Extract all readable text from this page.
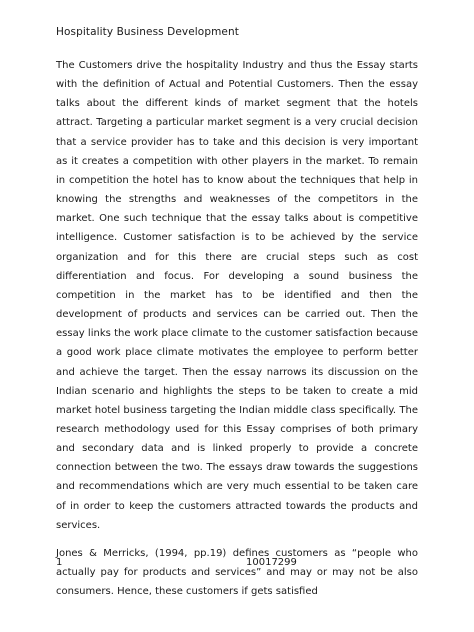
Hospitality Business Development

The Customers drive the hospitality Industry and thus the Essay starts with the definition of Actual and Potential Customers. Then the essay talks about the different kinds of market segment that the hotels attract. Targeting a particular market segment is a very crucial decision that a service provider has to take and this decision is very important as it creates a competition with other players in the market. To remain in competition the hotel has to know about the techniques that help in knowing the strengths and weaknesses of the competitors in the market. One such technique that the essay talks about is competitive intelligence. Customer satisfaction is to be achieved by the service organization and for this there are crucial steps such as cost differentiation and focus. For developing a sound business the competition in the market has to be identified and then the development of products and services can be carried out. Then the essay links the work place climate to the customer satisfaction because a good work place climate motivates the employee to perform better and achieve the target. Then the essay narrows its discussion on the Indian scenario and highlights the steps to be taken to create a mid market hotel business targeting the Indian middle class specifically. The research methodology used for this Essay comprises of both primary and secondary data and is linked properly to provide a concrete connection between the two. The essays draw towards the suggestions and recommendations which are very much essential to be taken care of in order to keep the customers attracted towards the products and services.

Jones & Merricks, (1994, pp.19) defines customers as “people who actually pay for products and services” and may or may not be also consumers. Hence, these customers if gets satisfied

1	10017299
